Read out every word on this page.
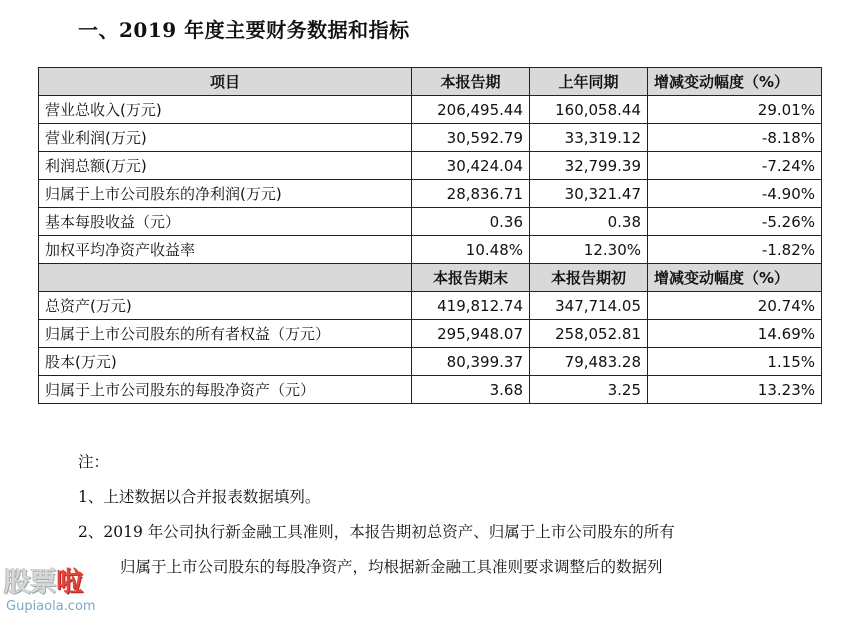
一、2019 年度主要财务数据和指标
项目	本报告期	上年同期	增减变动幅度（%）
营业总收入(万元)	206,495.44	160,058.44	29.01%
营业利润(万元)	30,592.79	33,319.12	-8.18%
利润总额(万元)	30,424.04	32,799.39	-7.24%
归属于上市公司股东的净利润(万元)	28,836.71	30,321.47	-4.90%
基本每股收益（元）	0.36	0.38	-5.26%
加权平均净资产收益率	10.48%	12.30%	-1.82%
	本报告期末	本报告期初	增减变动幅度（%）
总资产(万元)	419,812.74	347,714.05	20.74%
归属于上市公司股东的所有者权益（万元）	295,948.07	258,052.81	14.69%
股本(万元)	80,399.37	79,483.28	1.15%
归属于上市公司股东的每股净资产（元）	3.68	3.25	13.23%
注：
1、上述数据以合并报表数据填列。
2、2019 年公司执行新金融工具准则，本报告期初总资产、归属于上市公司股东的所有
归属于上市公司股东的每股净资产，均根据新金融工具准则要求调整后的数据列
股票啦
Gupiaola.com
